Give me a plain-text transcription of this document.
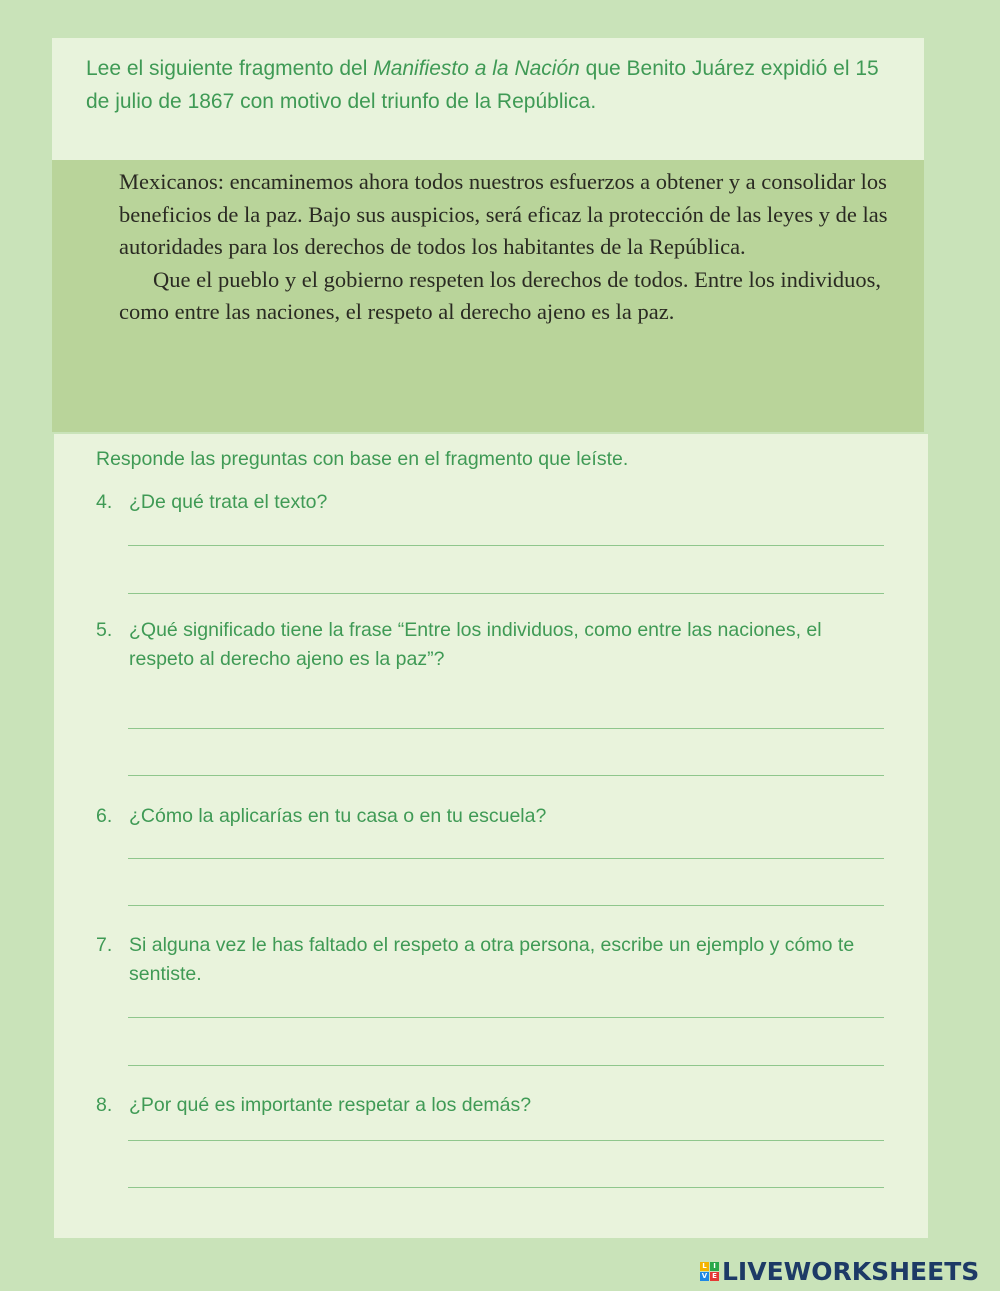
Lee el siguiente fragmento del Manifiesto a la Nación que Benito Juárez expidió el 15 de julio de 1867 con motivo del triunfo de la República.

Mexicanos: encaminemos ahora todos nuestros esfuerzos a obtener y a consolidar los beneficios de la paz. Bajo sus auspicios, será eficaz la protección de las leyes y de las autoridades para los derechos de todos los habitantes de la República.

Que el pueblo y el gobierno respeten los derechos de todos. Entre los individuos, como entre las naciones, el respeto al derecho ajeno es la paz.

Responde las preguntas con base en el fragmento que leíste.
4. ¿De qué trata el texto?
5. ¿Qué significado tiene la frase “Entre los individuos, como entre las naciones, el respeto al derecho ajeno es la paz”?
6. ¿Cómo la aplicarías en tu casa o en tu escuela?
7. Si alguna vez le has faltado el respeto a otra persona, escribe un ejemplo y cómo te sentiste.
8. ¿Por qué es importante respetar a los demás?
L I
V E LIVEWORKSHEETS
